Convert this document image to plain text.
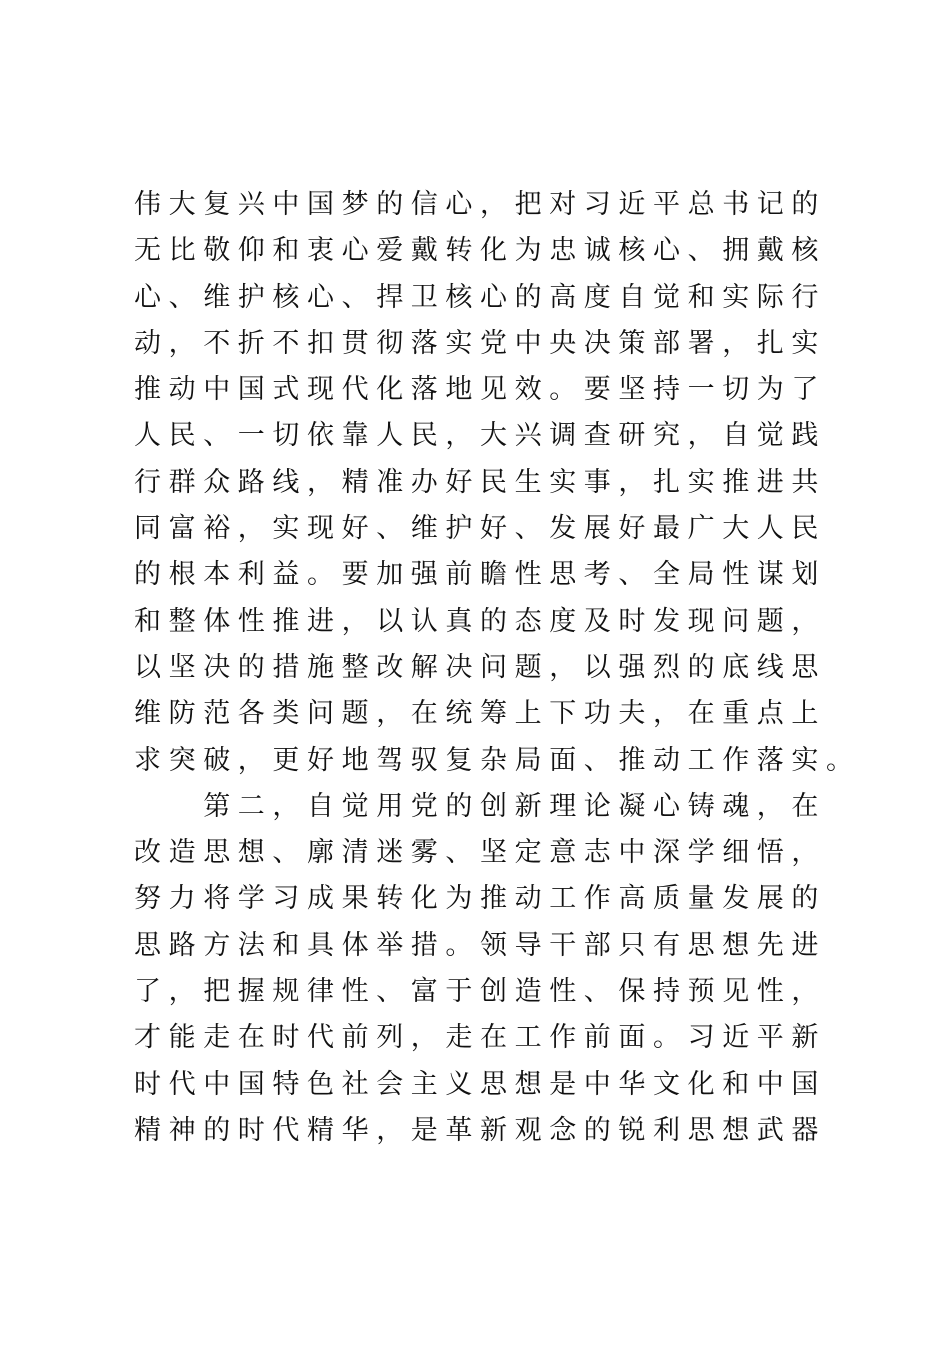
伟大复兴中国梦的信心，把对习近平总书记的
无比敬仰和衷心爱戴转化为忠诚核心、拥戴核
心、维护核心、捍卫核心的高度自觉和实际行
动，不折不扣贯彻落实党中央决策部署，扎实
推动中国式现代化落地见效。要坚持一切为了
人民、一切依靠人民，大兴调查研究，自觉践
行群众路线，精准办好民生实事，扎实推进共
同富裕，实现好、维护好、发展好最广大人民
的根本利益。要加强前瞻性思考、全局性谋划
和整体性推进，以认真的态度及时发现问题，
以坚决的措施整改解决问题，以强烈的底线思
维防范各类问题，在统筹上下功夫，在重点上
求突破，更好地驾驭复杂局面、推动工作落实。
　　第二，自觉用党的创新理论凝心铸魂，在
改造思想、廓清迷雾、坚定意志中深学细悟，
努力将学习成果转化为推动工作高质量发展的
思路方法和具体举措。领导干部只有思想先进
了，把握规律性、富于创造性、保持预见性，
才能走在时代前列，走在工作前面。习近平新
时代中国特色社会主义思想是中华文化和中国
精神的时代精华，是革新观念的锐利思想武器
